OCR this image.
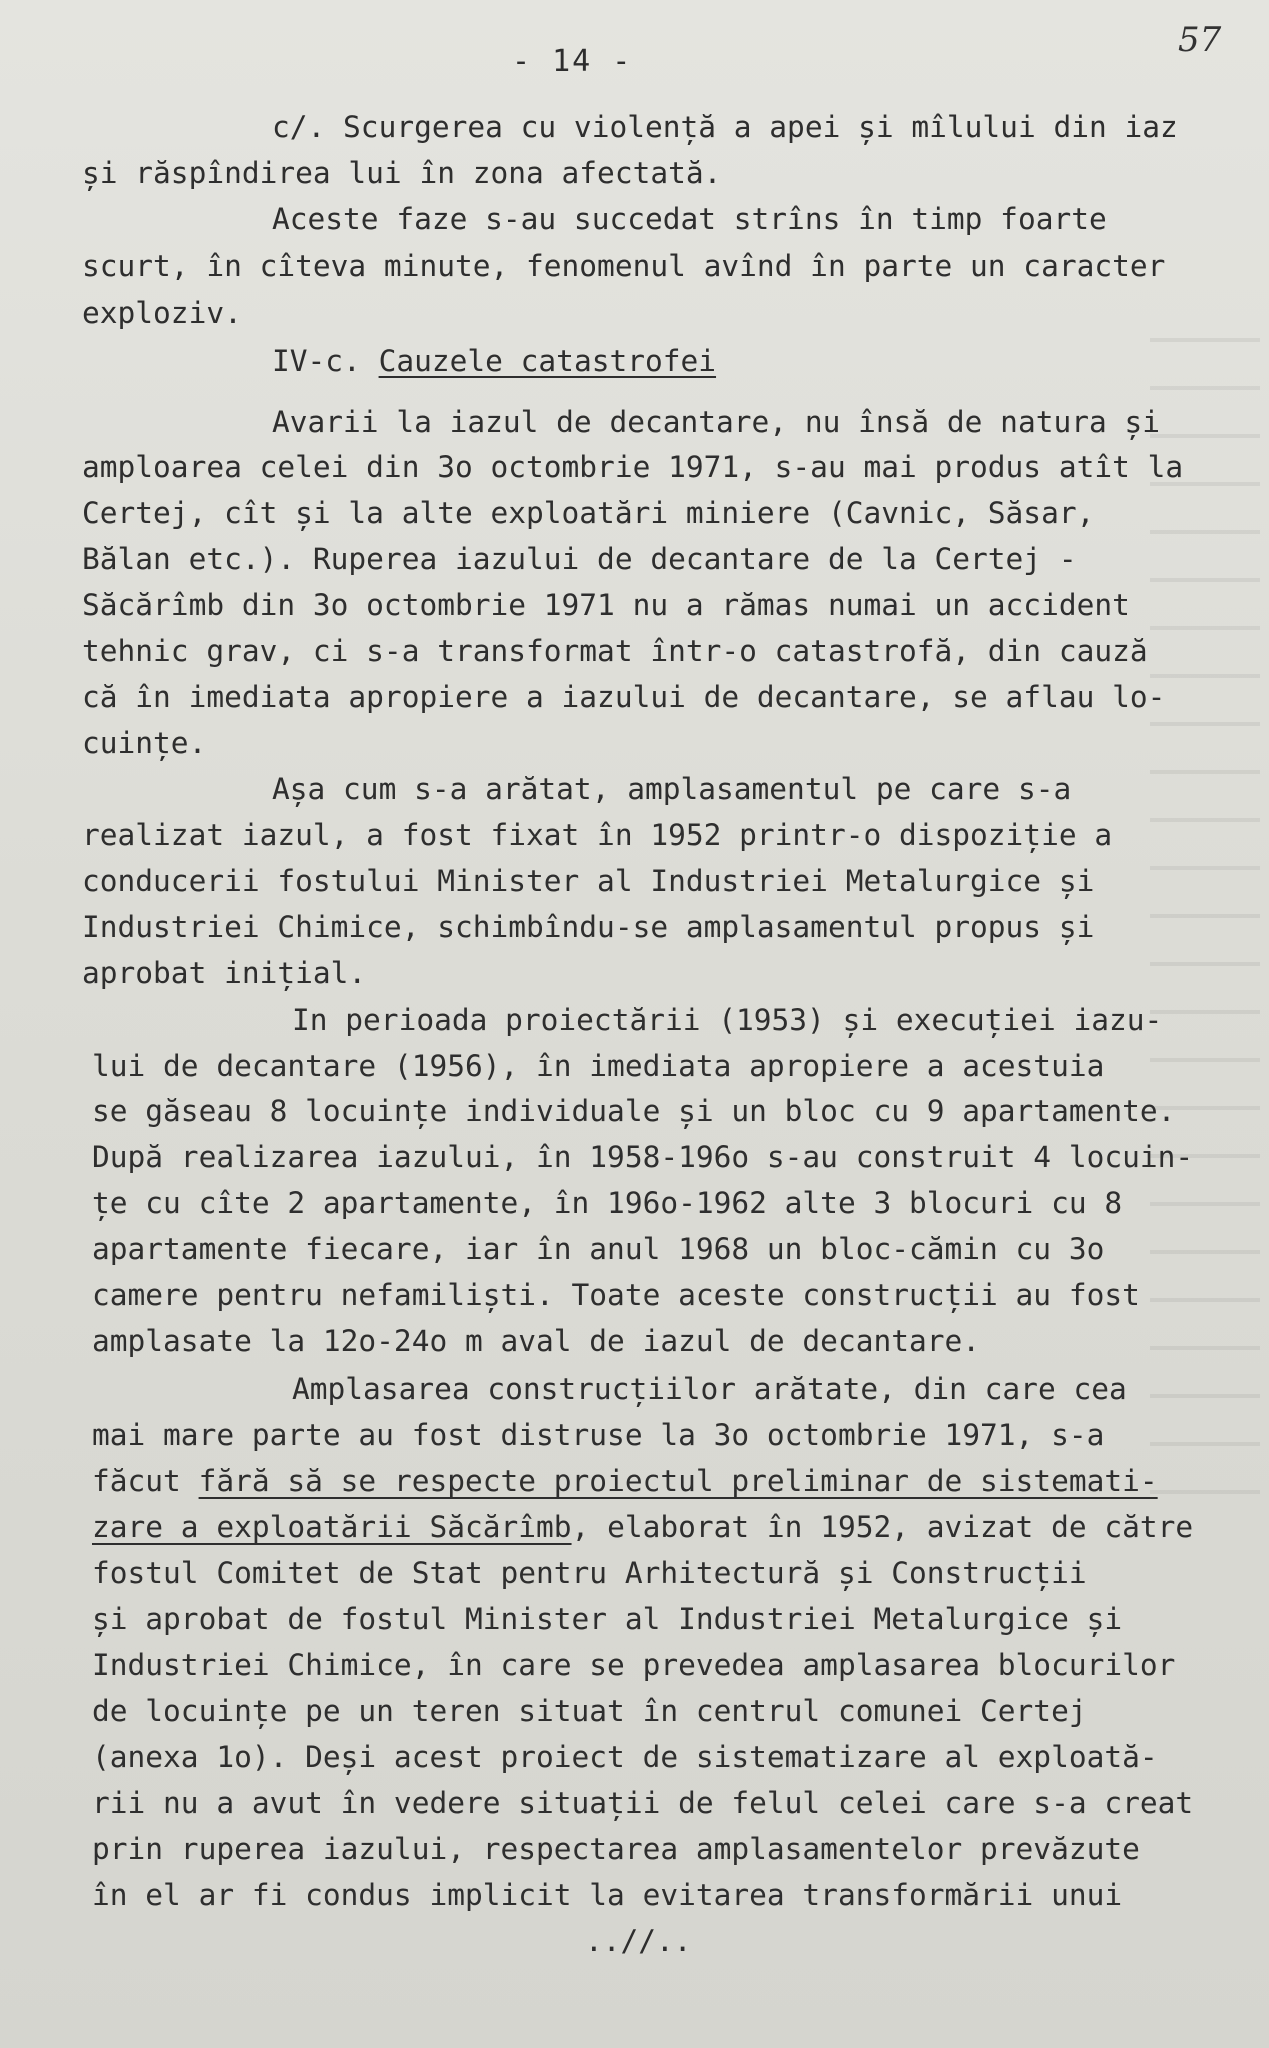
- 14 -
57

c/. Scurgerea cu violență a apei și mîlului din iaz

și răspîndirea lui în zona afectată.

Aceste faze s-au succedat strîns în timp foarte

scurt, în cîteva minute, fenomenul avînd în parte un caracter

exploziv.

IV-c. Cauzele catastrofei

Avarii la iazul de decantare, nu însă de natura și

amploarea celei din 3o octombrie 1971, s-au mai produs atît la

Certej, cît și la alte exploatări miniere (Cavnic, Săsar,

Bălan etc.). Ruperea iazului de decantare de la Certej -

Săcărîmb din 3o octombrie 1971 nu a rămas numai un accident

tehnic grav, ci s-a transformat într-o catastrofă, din cauză

că în imediata apropiere a iazului de decantare, se aflau lo-

cuințe.

Așa cum s-a arătat, amplasamentul pe care s-a

realizat iazul, a fost fixat în 1952 printr-o dispoziție a

conducerii fostului Minister al Industriei Metalurgice și

Industriei Chimice, schimbîndu-se amplasamentul propus și

aprobat inițial.

In perioada proiectării (1953) și execuției iazu-

lui de decantare (1956), în imediata apropiere a acestuia

se găseau 8 locuințe individuale și un bloc cu 9 apartamente.

După realizarea iazului, în 1958-196o s-au construit 4 locuin-

țe cu cîte 2 apartamente, în 196o-1962 alte 3 blocuri cu 8

apartamente fiecare, iar în anul 1968 un bloc-cămin cu 3o

camere pentru nefamiliști. Toate aceste construcții au fost

amplasate la 12o-24o m aval de iazul de decantare.

Amplasarea construcțiilor arătate, din care cea

mai mare parte au fost distruse la 3o octombrie 1971, s-a

făcut fără să se respecte proiectul preliminar de sistemati-

zare a exploatării Săcărîmb, elaborat în 1952, avizat de către

fostul Comitet de Stat pentru Arhitectură și Construcții

și aprobat de fostul Minister al Industriei Metalurgice și

Industriei Chimice, în care se prevedea amplasarea blocurilor

de locuințe pe un teren situat în centrul comunei Certej

(anexa 1o). Deși acest proiect de sistematizare al exploată-

rii nu a avut în vedere situații de felul celei care s-a creat

prin ruperea iazului, respectarea amplasamentelor prevăzute

în el ar fi condus implicit la evitarea transformării unui

..//..
